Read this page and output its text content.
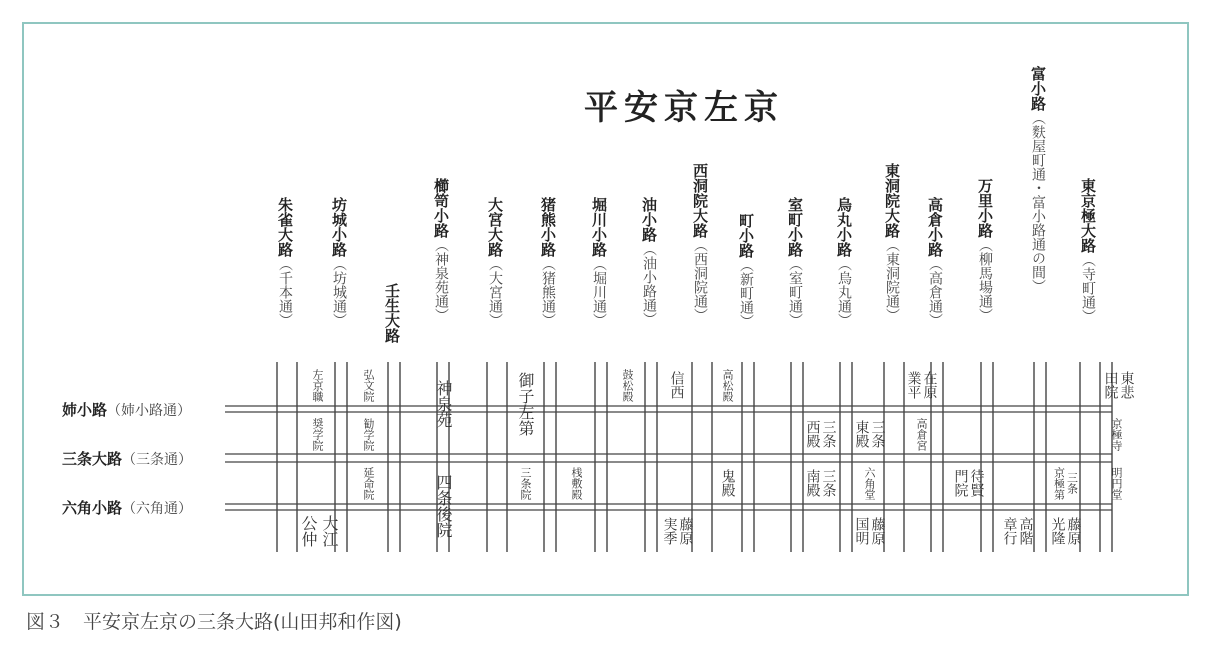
平安京左京
朱雀大路（千本通）
坊城小路（坊城通） 壬生大路
櫛笥小路（神泉苑通）
大宮大路（大宮通）
猪熊小路（猪熊通）
堀川小路（堀川通）
油小路（油小路通）
西洞院大路（西洞院通）
町小路（新町通）
室町小路（室町通）
烏丸小路（烏丸通）
東洞院大路（東洞院通）
高倉小路（高倉通）
万里小路（柳馬場通）
富小路（麩屋町通・富小路通の間） 東京極大路（寺町通）
姉小路（姉小路通）
三条大路（三条通）
六角小路（六角通）
大江
公仲
左京職	弘文院
奨学院	勧学院
延命院
神泉苑
四条後院
御子左第
三条院	桟敷殿
鼓松殿 信西
藤原
実季
高松殿
鬼殿
三条
西殿
三条
南殿
三条
東殿
六角堂
藤原
国明
在原
業平
高倉宮
待賢
門院
高階
章行
三条
京極第
藤原
光隆
東悲
田院
京極寺
明円堂
図３　平安京左京の三条大路(山田邦和作図)
